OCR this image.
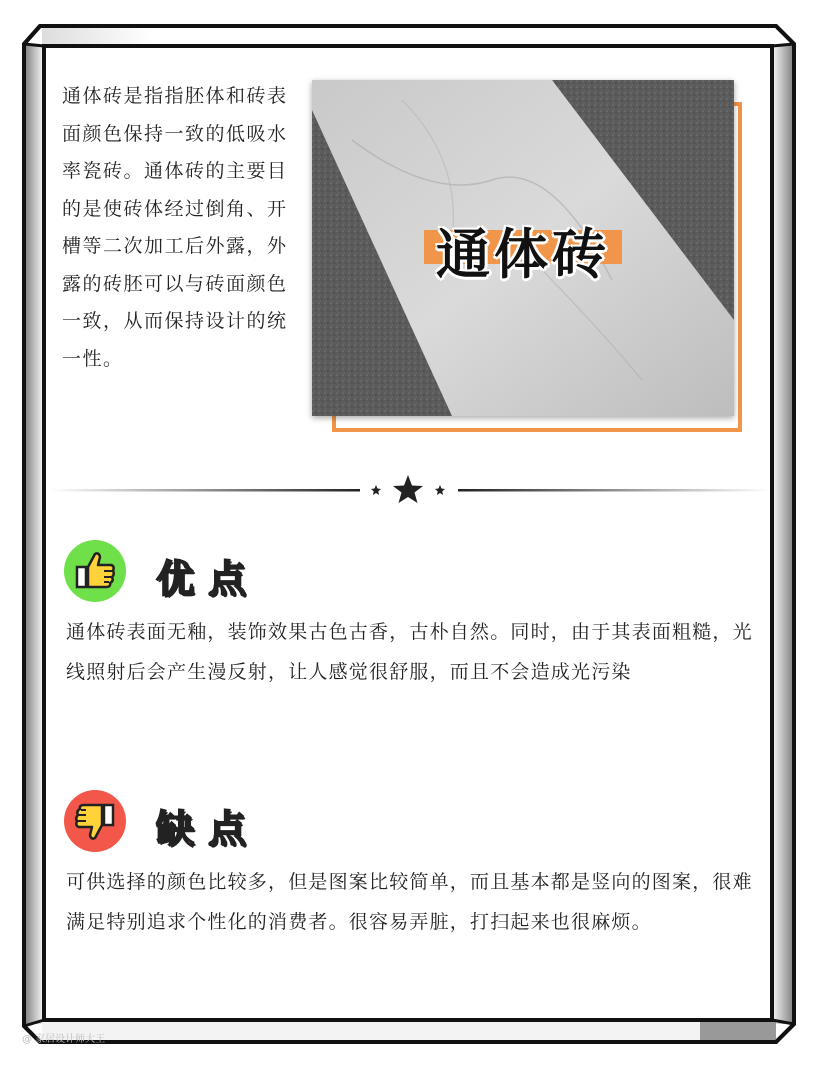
通体砖是指指胚体和砖表面颜色保持一致的低吸水率瓷砖。通体砖的主要目的是使砖体经过倒角、开槽等二次加工后外露，外露的砖胚可以与砖面颜色一致，从而保持设计的统一性。
通体砖
优点
通体砖表面无釉，装饰效果古色古香，古朴自然。同时，由于其表面粗糙，光线照射后会产生漫反射，让人感觉很舒服，而且不会造成光污染
缺点
可供选择的颜色比较多，但是图案比较简单，而且基本都是竖向的图案，很难满足特别追求个性化的消费者。很容易弄脏，打扫起来也很麻烦。
@ 家居设计师大王
